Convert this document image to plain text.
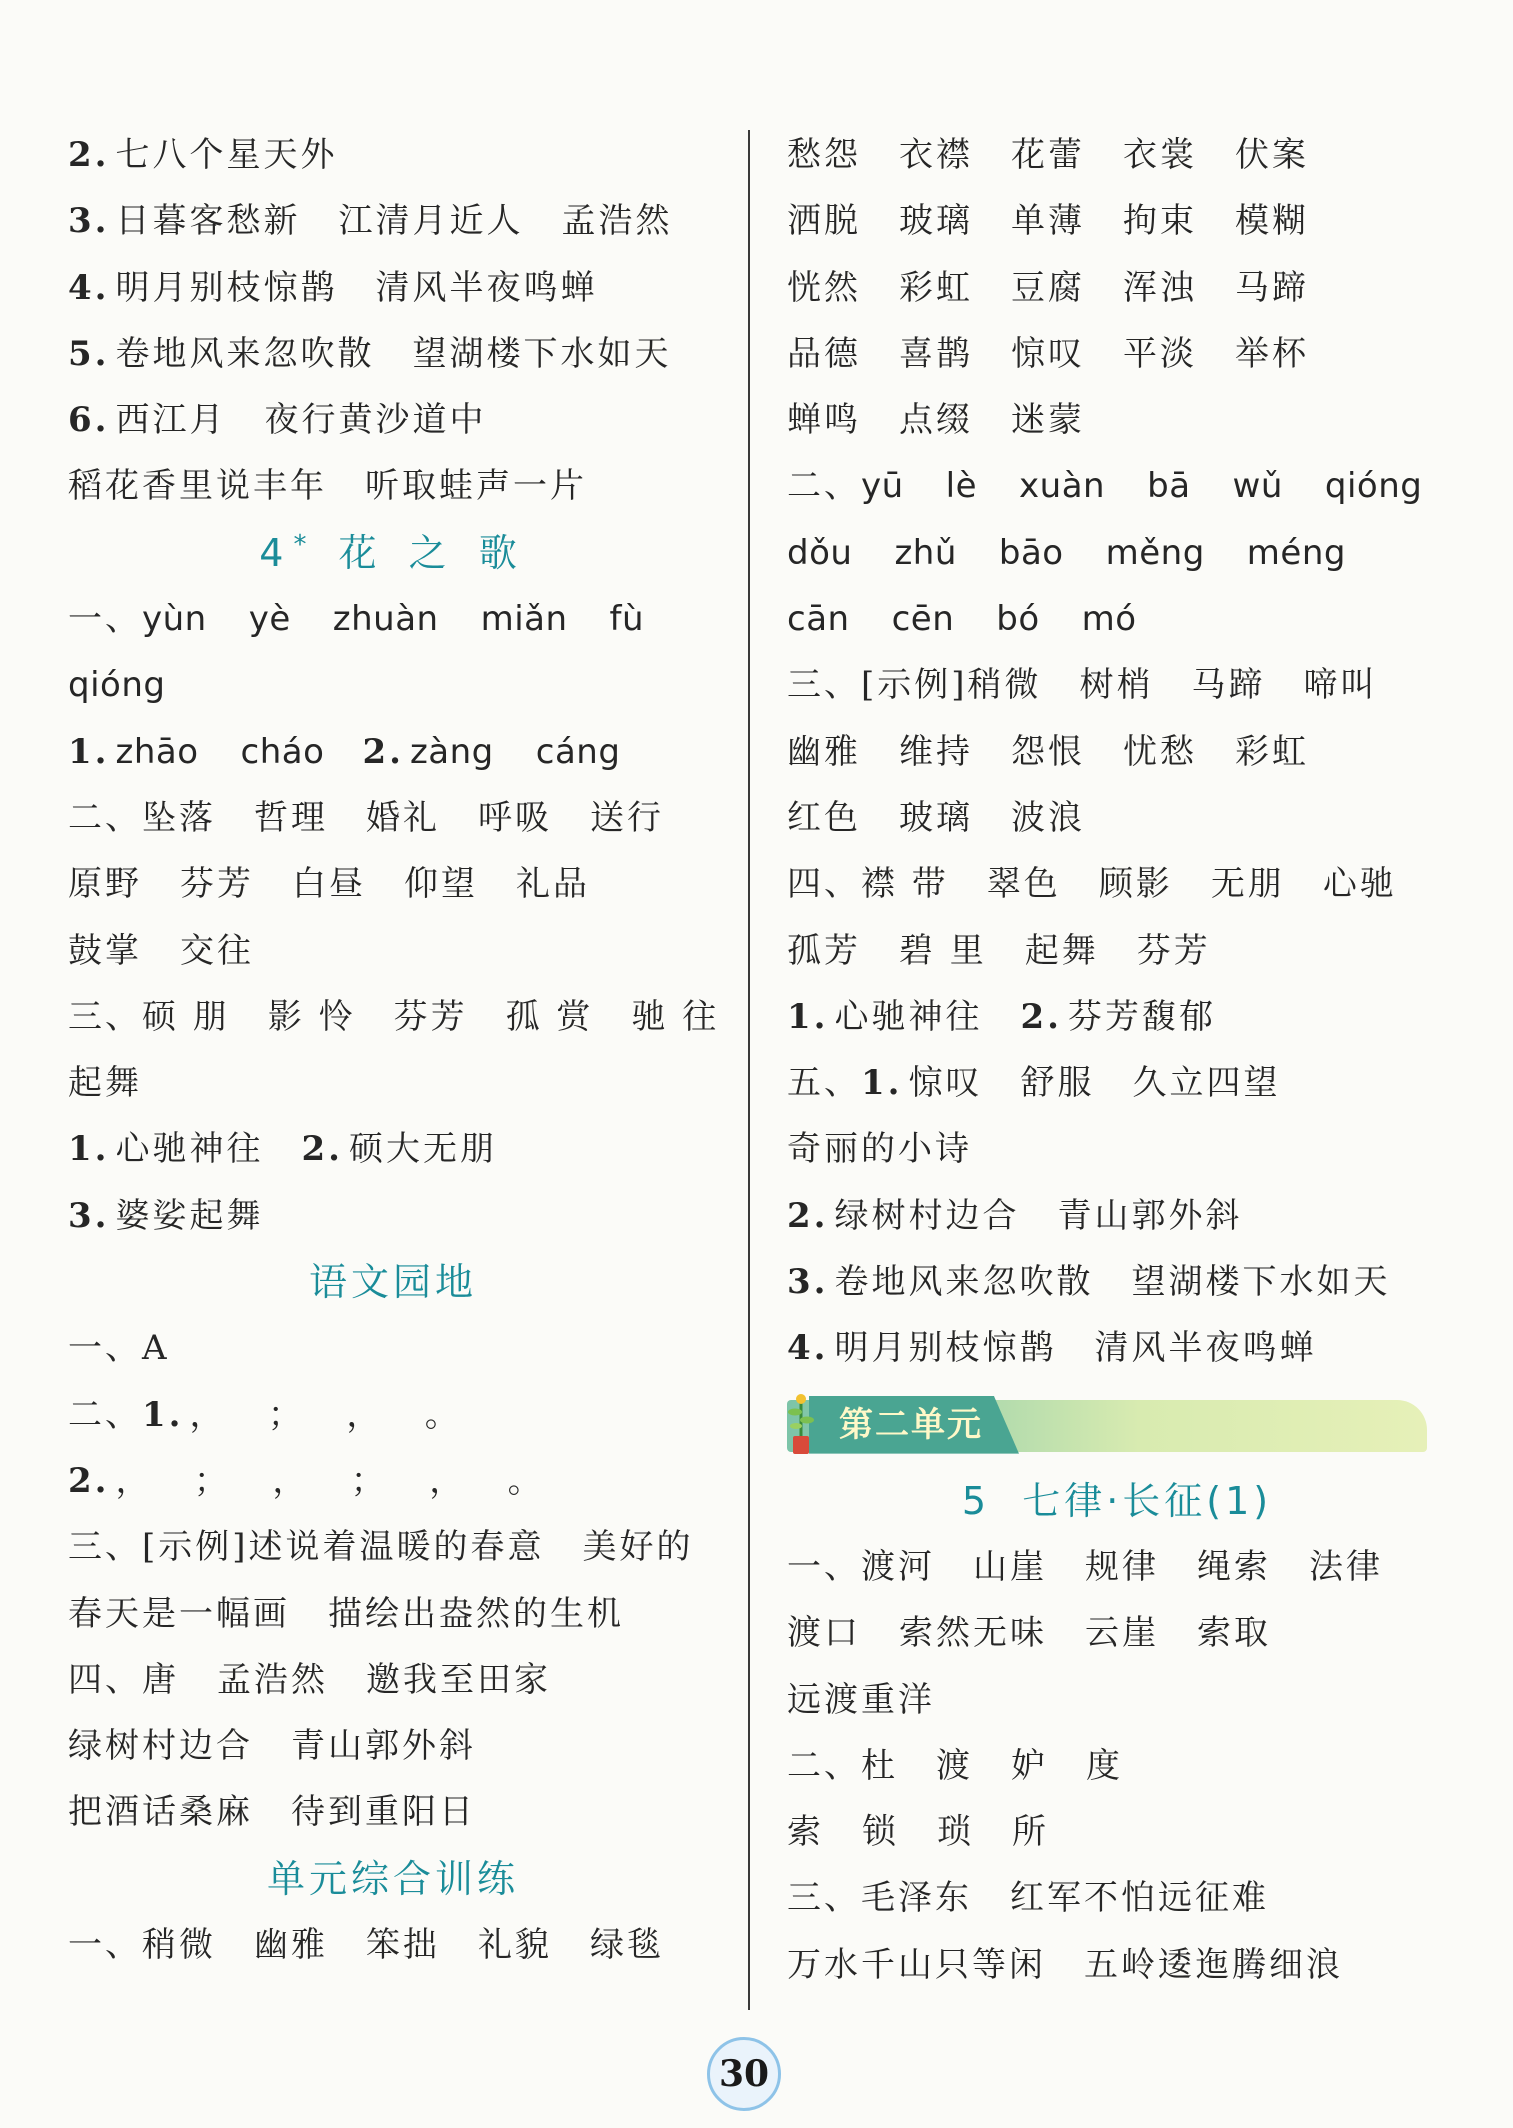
2. 七八个星天外
3. 日暮客愁新 江清月近人 孟浩然
4. 明月别枝惊鹊 清风半夜鸣蝉
5. 卷地风来忽吹散 望湖楼下水如天
6. 西江月 夜行黄沙道中
稻花香里说丰年 听取蛙声一片
4* 花 之 歌
一、yùn yè zhuàn miǎn fù
qióng
1. zhāo cháo 2. zàng cáng
二、坠落 哲理 婚礼 呼吸 送行
原野 芬芳 白昼 仰望 礼品
鼓掌 交往
三、硕 朋 影 怜 芬芳 孤 赏 驰 往
起舞
1. 心驰神往 2. 硕大无朋
3. 婆娑起舞
语文园地
一、A
二、1. ，   ；   ，   。
2. ，   ；   ，   ；   ，   。
三、[示例]述说着温暖的春意 美好的
春天是一幅画 描绘出盎然的生机
四、唐 孟浩然 邀我至田家
绿树村边合 青山郭外斜
把酒话桑麻 待到重阳日
单元综合训练
一、稍微 幽雅 笨拙 礼貌 绿毯
愁怨 衣襟 花蕾 衣裳 伏案
洒脱 玻璃 单薄 拘束 模糊
恍然 彩虹 豆腐 浑浊 马蹄
品德 喜鹊 惊叹 平淡 举杯
蝉鸣 点缀 迷蒙
二、yū lè xuàn bā wǔ qióng
dǒu zhǔ bāo měng méng
cān cēn bó mó
三、[示例]稍微 树梢 马蹄 啼叫
幽雅 维持 怨恨 忧愁 彩虹
红色 玻璃 波浪
四、襟 带 翠色 顾影 无朋 心驰
孤芳 碧 里 起舞 芬芳
1. 心驰神往 2. 芬芳馥郁
五、1. 惊叹 舒服 久立四望
奇丽的小诗
2. 绿树村边合 青山郭外斜
3. 卷地风来忽吹散 望湖楼下水如天
4. 明月别枝惊鹊 清风半夜鸣蝉
第二单元
5 七律·长征(1)
一、渡河 山崖 规律 绳索 法律
渡口 索然无味 云崖 索取
远渡重洋
二、杜 渡 妒 度
索 锁 琐 所
三、毛泽东 红军不怕远征难
万水千山只等闲 五岭逶迤腾细浪
30
